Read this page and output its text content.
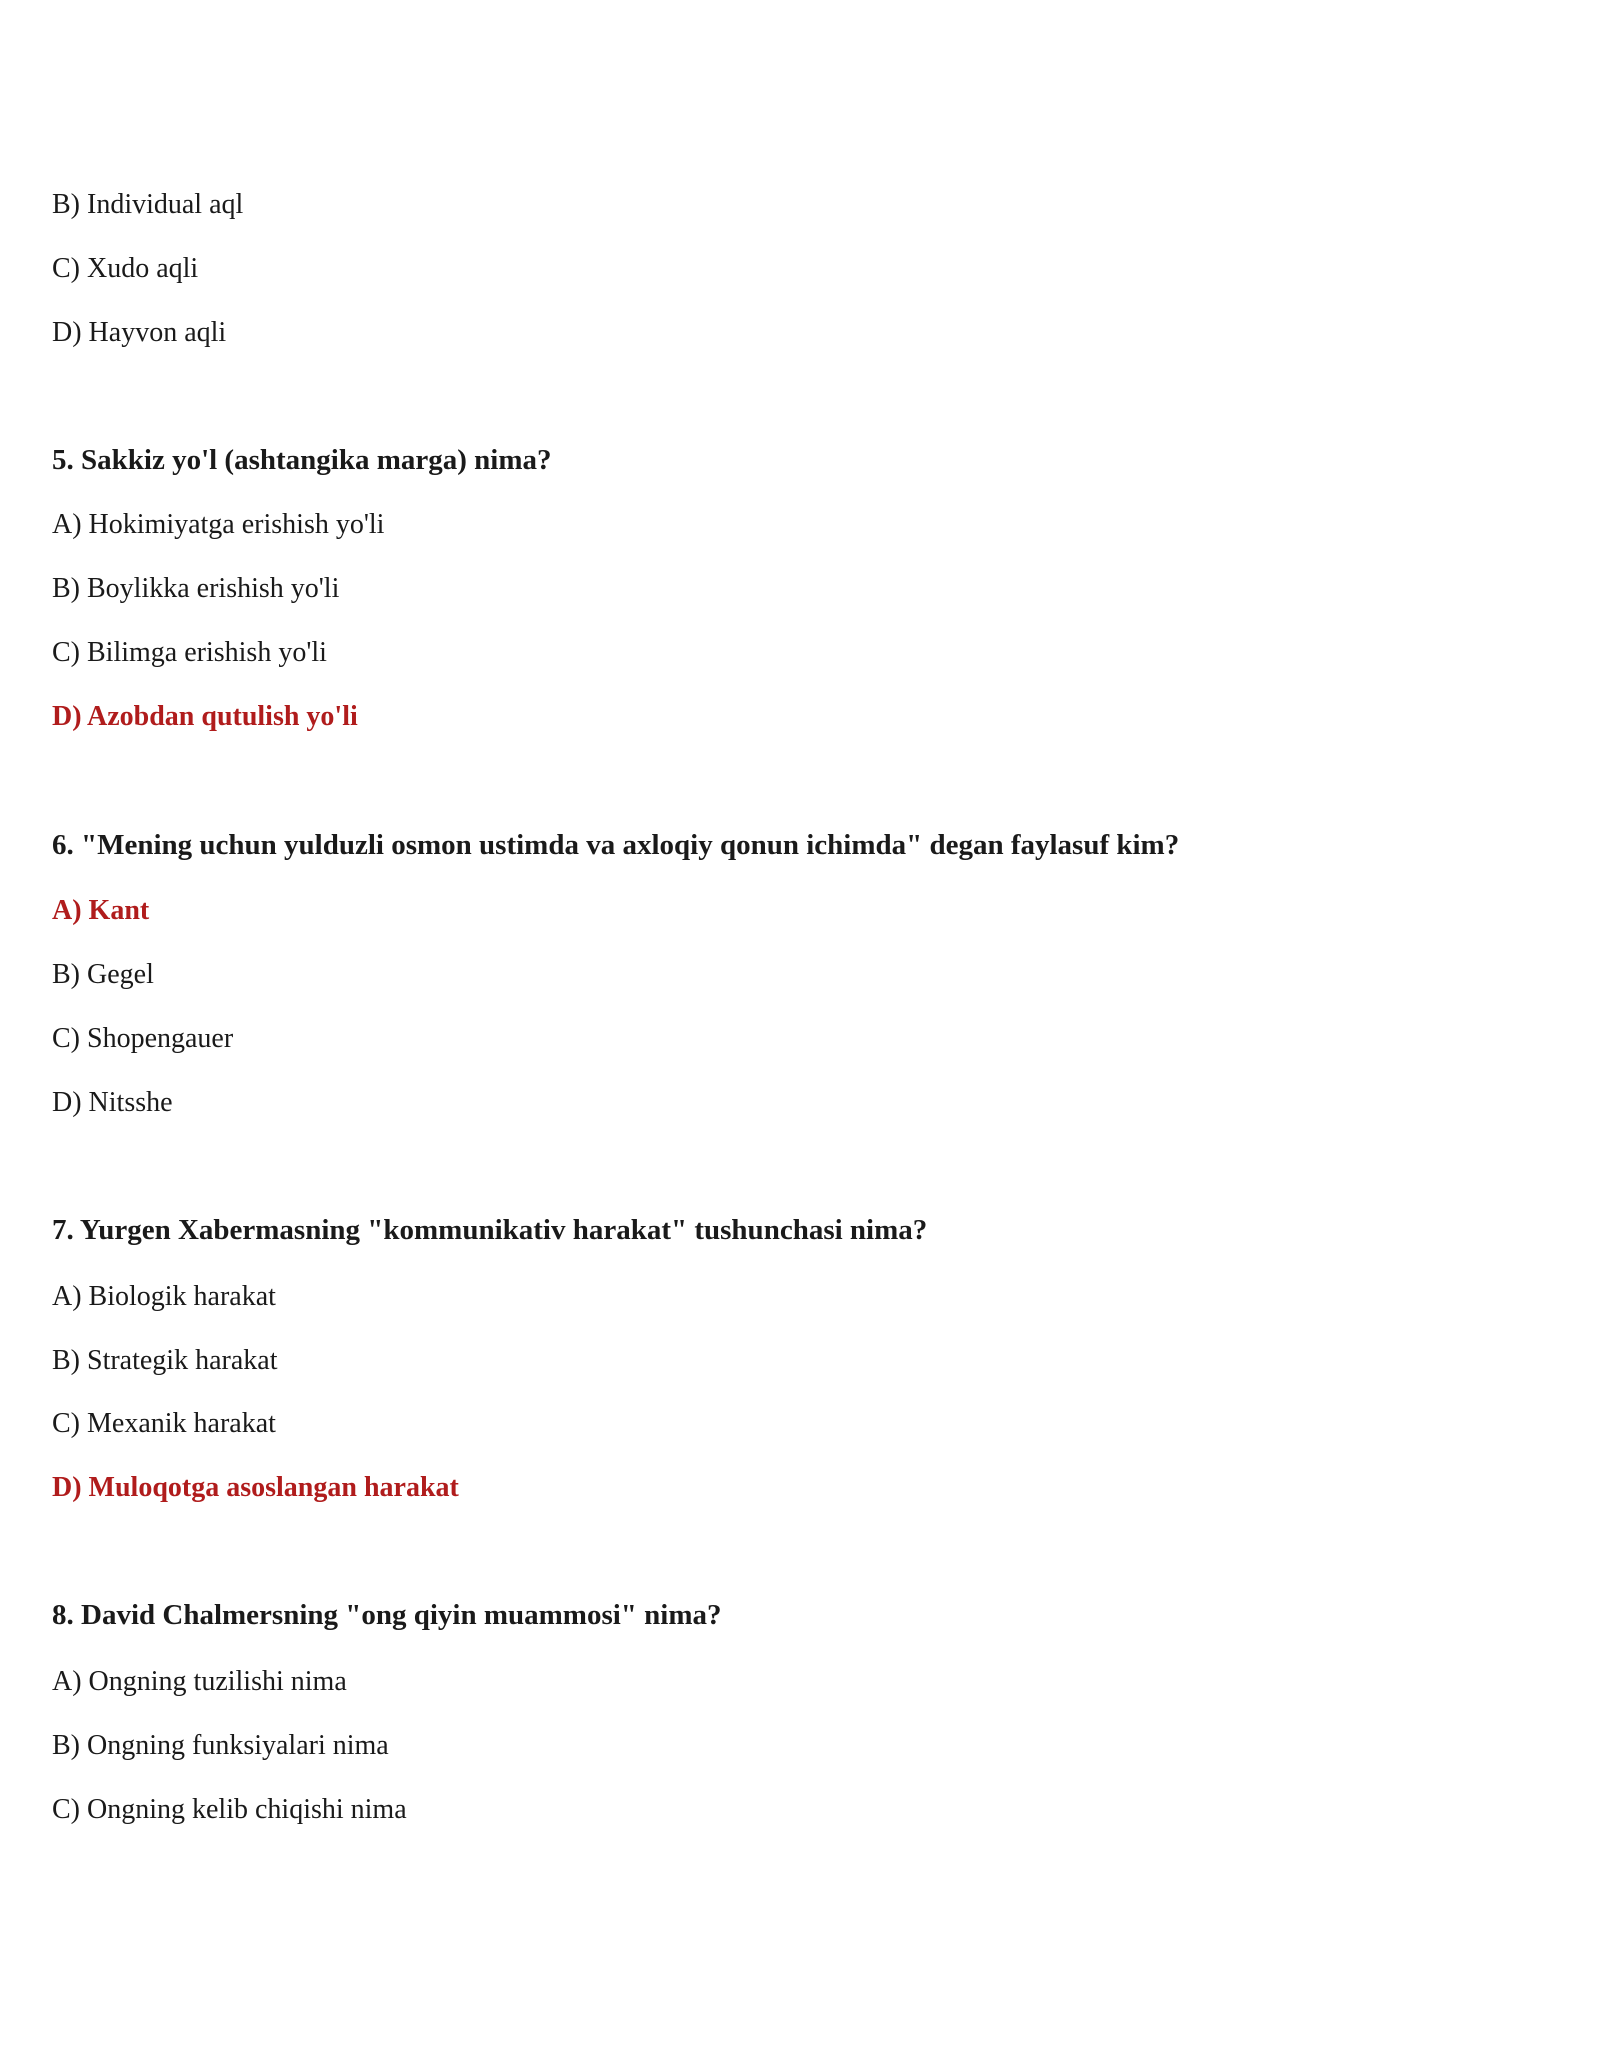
B) Individual aql

C) Xudo aqli

D) Hayvon aqli

5. Sakkiz yo'l (ashtangika marga) nima?

A) Hokimiyatga erishish yo'li

B) Boylikka erishish yo'li

C) Bilimga erishish yo'li

D) Azobdan qutulish yo'li

6. "Mening uchun yulduzli osmon ustimda va axloqiy qonun ichimda" degan faylasuf kim?

A) Kant

B) Gegel

C) Shopengauer

D) Nitsshe

7. Yurgen Xabermasning "kommunikativ harakat" tushunchasi nima?

A) Biologik harakat

B) Strategik harakat

C) Mexanik harakat

D) Muloqotga asoslangan harakat

8. David Chalmersning "ong qiyin muammosi" nima?

A) Ongning tuzilishi nima

B) Ongning funksiyalari nima

C) Ongning kelib chiqishi nima
